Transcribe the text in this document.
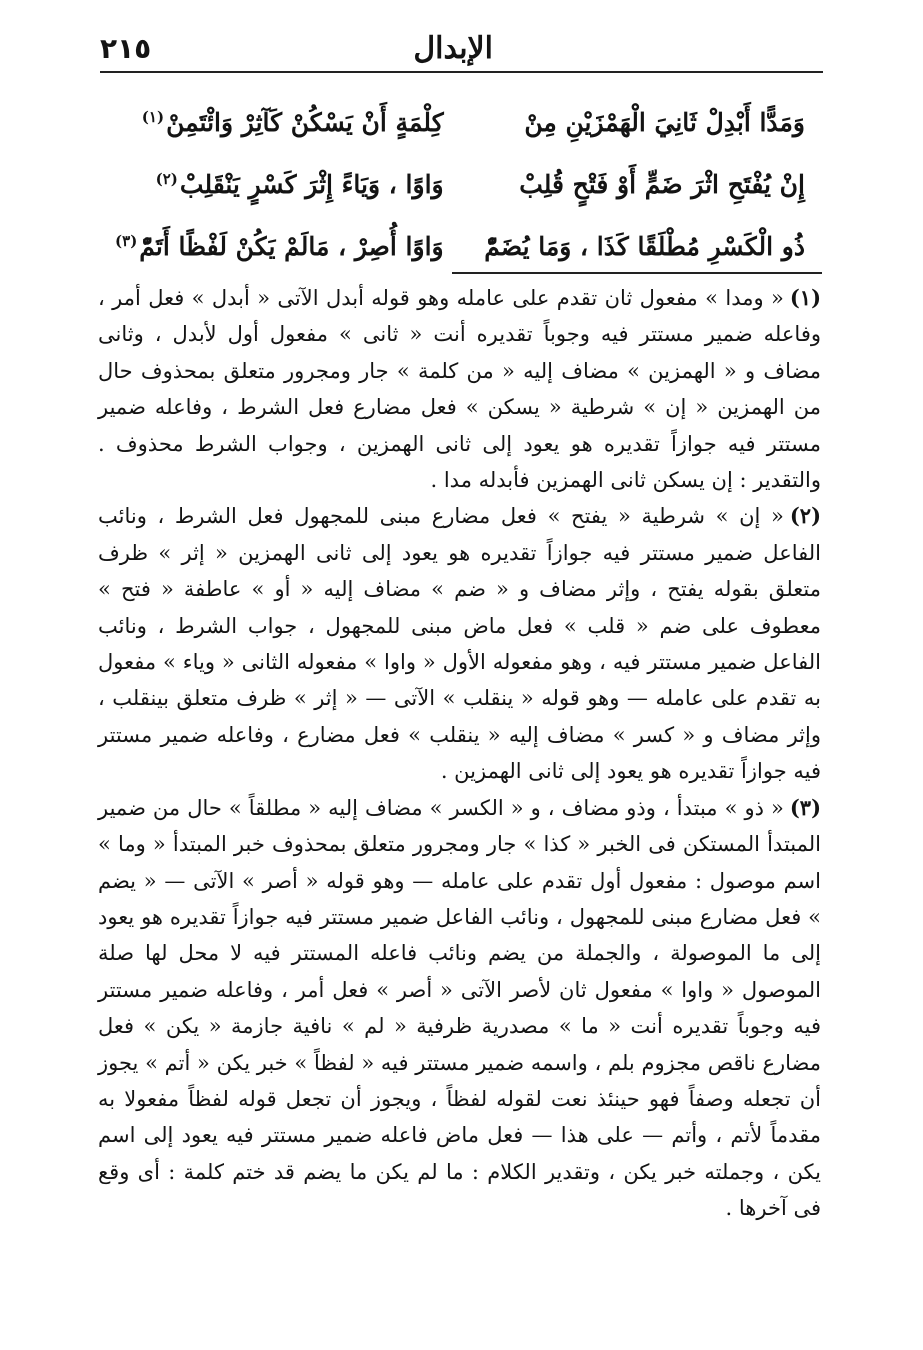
٢١٥	الإبدال
وَمَدًّا أَبْدِلْ ثَانِيَ الْهَمْزَيْنِ مِنْ
كِلْمَةٍ أَنْ يَسْكُنْ كَآثِرْ وَائْتَمِنْ$^{(١)}$
إِنْ يُفْتَحِ اثْرَ ضَمٍّ أَوْ فَتْحٍ قُلِبْ
وَاوًا ، وَيَاءً إِثْرَ كَسْرٍ يَنْقَلِبْ$^{(٢)}$
ذُو الْكَسْرِ مُطْلَقًا كَذَا ، وَمَا يُضَمّْ
وَاوًا أُصِرْ ، مَالَمْ يَكُنْ لَفْظًا أَتَمّْ$^{(٣)}$

(١)« ومدا » مفعول ثان تقدم على عامله وهو قوله أبدل الآتى « أبدل » فعل أمر ، وفاعله ضمير مستتر فيه وجوباً تقديره أنت « ثانى » مفعول أول لأبدل ، وثانى مضاف و « الهمزين » مضاف إليه « من كلمة » جار ومجرور متعلق بمحذوف حال من الهمزين « إن » شرطية « يسكن » فعل مضارع فعل الشرط ، وفاعله ضمير مستتر فيه جوازاً تقديره هو يعود إلى ثانى الهمزين ، وجواب الشرط محذوف . والتقدير : إن يسكن ثانى الهمزين فأبدله مدا .

(٢)« إن » شرطية « يفتح » فعل مضارع مبنى للمجهول فعل الشرط ، ونائب الفاعل ضمير مستتر فيه جوازاً تقديره هو يعود إلى ثانى الهمزين « إثر » ظرف متعلق بقوله يفتح ، وإثر مضاف و « ضم » مضاف إليه « أو » عاطفة « فتح » معطوف على ضم « قلب » فعل ماض مبنى للمجهول ، جواب الشرط ، ونائب الفاعل ضمير مستتر فيه ، وهو مفعوله الأول « واوا » مفعوله الثانى « وياء » مفعول به تقدم على عامله — وهو قوله « ينقلب » الآتى — « إثر » ظرف متعلق بينقلب ، وإثر مضاف و « كسر » مضاف إليه « ينقلب » فعل مضارع ، وفاعله ضمير مستتر فيه جوازاً تقديره هو يعود إلى ثانى الهمزين .

(٣)« ذو » مبتدأ ، وذو مضاف ، و « الكسر » مضاف إليه « مطلقاً » حال من ضمير المبتدأ المستكن فى الخبر « كذا » جار ومجرور متعلق بمحذوف خبر المبتدأ « وما » اسم موصول : مفعول أول تقدم على عامله — وهو قوله « أصر » الآتى — « يضم » فعل مضارع مبنى للمجهول ، ونائب الفاعل ضمير مستتر فيه جوازاً تقديره هو يعود إلى ما الموصولة ، والجملة من يضم ونائب فاعله المستتر فيه لا محل لها صلة الموصول « واوا » مفعول ثان لأصر الآتى « أصر » فعل أمر ، وفاعله ضمير مستتر فيه وجوباً تقديره أنت « ما » مصدرية ظرفية « لم » نافية جازمة « يكن » فعل مضارع ناقص مجزوم بلم ، واسمه ضمير مستتر فيه « لفظاً » خبر يكن « أتم » يجوز أن تجعله وصفاً فهو حينئذ نعت لقوله لفظاً ، ويجوز أن تجعل قوله لفظاً مفعولا به مقدماً لأتم ، وأتم — على هذا — فعل ماض فاعله ضمير مستتر فيه يعود إلى اسم يكن ، وجملته خبر يكن ، وتقدير الكلام : ما لم يكن ما يضم قد ختم كلمة : أى وقع فى آخرها .
